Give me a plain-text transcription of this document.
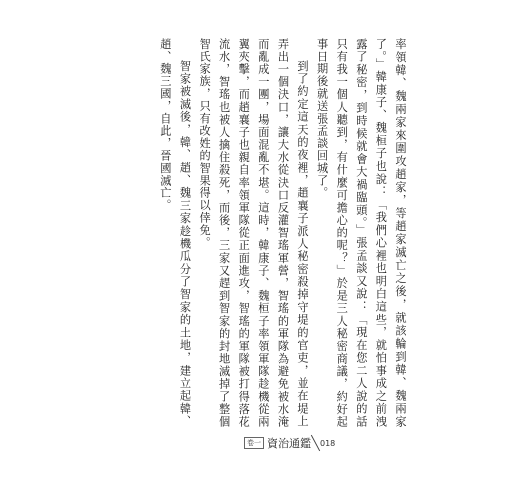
率領韓、魏兩家來圍攻趙家，等趙家滅亡之後，就該輪到韓、魏兩家了。」韓康子、魏桓子也說：「我們心裡也明白這些，就怕事成之前洩露了秘密，到時候就會大禍臨頭。」張孟談又說：「現在您二人說的話只有我一個人聽到，有什麼可擔心的呢？」於是三人秘密商議，約好起事日期後就送張孟談回城了。

到了約定這天的夜裡，趙襄子派人秘密殺掉守堤的官吏，並在堤上弄出一個決口，讓大水從決口反灌智瑤軍營，智瑤的軍隊為避免被水淹而亂成一團，場面混亂不堪。這時，韓康子、魏桓子率領軍隊趁機從兩翼夾擊，而趙襄子也親自率領軍隊從正面進攻，智瑤的軍隊被打得落花流水，智瑤也被人擒住殺死，而後，三家又趕到智家的封地滅掉了整個智氏家族，只有改姓的智果得以倖免。

智家被滅後，韓、趙、魏三家趁機瓜分了智家的土地，建立起韓、趙、魏三國，自此，晉國滅亡。

卷一 資治通鑑 018
